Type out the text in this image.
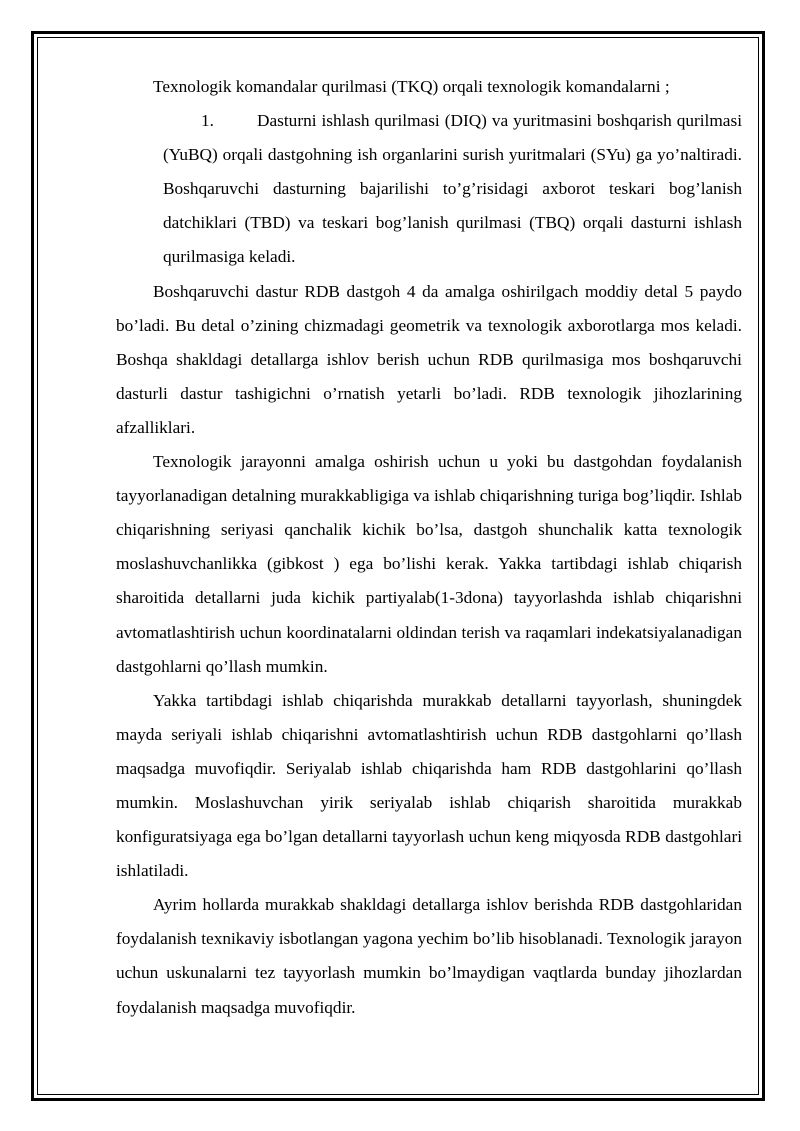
Texnologik komandalar qurilmasi (TKQ) orqali texnologik komandalarni ;

1. Dasturni ishlash qurilmasi (DIQ) va yuritmasini boshqarish qurilmasi (YuBQ) orqali dastgohning ish organlarini surish yuritmalari (SYu) ga yo’naltiradi. Boshqaruvchi dasturning bajarilishi to’g’risidagi axborot teskari bog’lanish datchiklari (TBD) va teskari bog’lanish qurilmasi (TBQ) orqali dasturni ishlash qurilmasiga keladi.

Boshqaruvchi dastur RDB dastgoh 4 da amalga oshirilgach moddiy detal 5 paydo bo’ladi. Bu detal o’zining chizmadagi geometrik va texnologik axborotlarga mos keladi. Boshqa shakldagi detallarga ishlov berish uchun RDB qurilmasiga mos boshqaruvchi dasturli dastur tashigichni o’rnatish yetarli bo’ladi. RDB texnologik jihozlarining afzalliklari.

Texnologik jarayonni amalga oshirish uchun u yoki bu dastgohdan foydalanish tayyorlanadigan detalning murakkabligiga va ishlab chiqarishning turiga bog’liqdir. Ishlab chiqarishning seriyasi qanchalik kichik bo’lsa, dastgoh shunchalik katta texnologik moslashuvchanlikka (gibkost ) ega bo’lishi kerak. Yakka tartibdagi ishlab chiqarish sharoitida detallarni juda kichik partiyalab(1-3dona) tayyorlashda ishlab chiqarishni avtomatlashtirish uchun koordinatalarni oldindan terish va raqamlari indekatsiyalanadigan dastgohlarni qo’llash mumkin.

Yakka tartibdagi ishlab chiqarishda murakkab detallarni tayyorlash, shuningdek mayda seriyali ishlab chiqarishni avtomatlashtirish uchun RDB dastgohlarni qo’llash maqsadga muvofiqdir. Seriyalab ishlab chiqarishda ham RDB dastgohlarini qo’llash mumkin. Moslashuvchan yirik seriyalab ishlab chiqarish sharoitida murakkab konfiguratsiyaga ega bo’lgan detallarni tayyorlash uchun keng miqyosda RDB dastgohlari ishlatiladi.

Ayrim hollarda murakkab shakldagi detallarga ishlov berishda RDB dastgohlaridan foydalanish texnikaviy isbotlangan yagona yechim bo’lib hisoblanadi. Texnologik jarayon uchun uskunalarni tez tayyorlash mumkin bo’lmaydigan vaqtlarda bunday jihozlardan foydalanish maqsadga muvofiqdir.
